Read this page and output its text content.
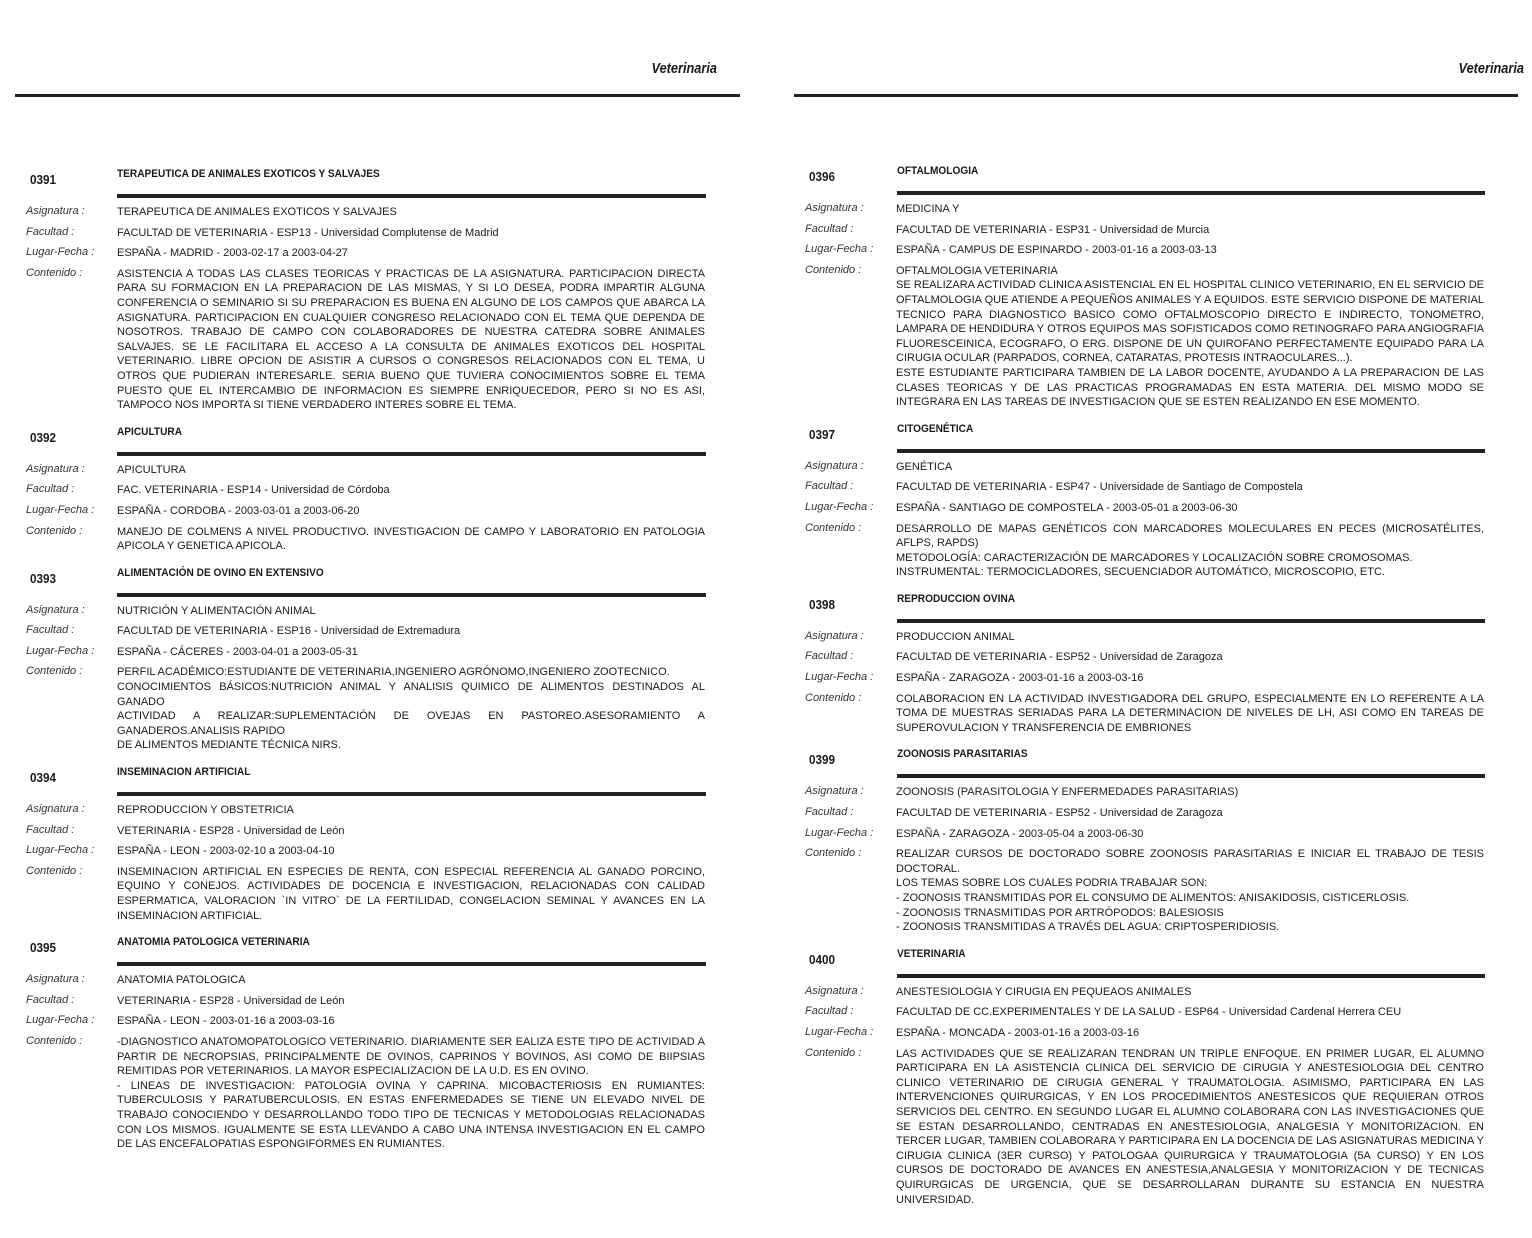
Veterinaria
0391	TERAPEUTICA DE ANIMALES EXOTICOS Y SALVAJES
Asignatura :	TERAPEUTICA DE ANIMALES EXOTICOS Y SALVAJES
Facultad :	FACULTAD DE VETERINARIA - ESP13 - Universidad Complutense de Madrid
Lugar-Fecha :	ESPAÑA - MADRID - 2003-02-17 a 2003-04-27
Contenido :	ASISTENCIA A TODAS LAS CLASES TEORICAS Y PRACTICAS DE LA ASIGNATURA. PARTICIPACION DIRECTA PARA SU FORMACION EN LA PREPARACION DE LAS MISMAS, Y SI LO DESEA, PODRA IMPARTIR ALGUNA CONFERENCIA O SEMINARIO SI SU PREPARACION ES BUENA EN ALGUNO DE LOS CAMPOS QUE ABARCA LA ASIGNATURA. PARTICIPACION EN CUALQUIER CONGRESO RELACIONADO CON EL TEMA QUE DEPENDA DE NOSOTROS. TRABAJO DE CAMPO CON COLABORADORES DE NUESTRA CATEDRA SOBRE ANIMALES SALVAJES. SE LE FACILITARA EL ACCESO A LA CONSULTA DE ANIMALES EXOTICOS DEL HOSPITAL VETERINARIO. LIBRE OPCION DE ASISTIR A CURSOS O CONGRESOS RELACIONADOS CON EL TEMA, U OTROS QUE PUDIERAN INTERESARLE. SERIA BUENO QUE TUVIERA CONOCIMIENTOS SOBRE EL TEMA PUESTO QUE EL INTERCAMBIO DE INFORMACION ES SIEMPRE ENRIQUECEDOR, PERO SI NO ES ASI, TAMPOCO NOS IMPORTA SI TIENE VERDADERO INTERES SOBRE EL TEMA.
0392	APICULTURA
Asignatura :	APICULTURA
Facultad :	FAC. VETERINARIA - ESP14 - Universidad de Córdoba
Lugar-Fecha :	ESPAÑA - CORDOBA - 2003-03-01 a 2003-06-20
Contenido :	MANEJO DE COLMENS A NIVEL PRODUCTIVO. INVESTIGACION DE CAMPO Y LABORATORIO EN PATOLOGIA APICOLA Y GENETICA APICOLA.
0393	ALIMENTACIÓN DE OVINO EN EXTENSIVO
Asignatura :	NUTRICIÓN Y ALIMENTACIÓN ANIMAL
Facultad :	FACULTAD DE VETERINARIA - ESP16 - Universidad de Extremadura
Lugar-Fecha :	ESPAÑA - CÁCERES - 2003-04-01 a 2003-05-31
Contenido :	PERFIL ACADÉMICO:ESTUDIANTE DE VETERINARIA,INGENIERO AGRÓNOMO,INGENIERO ZOOTECNICO.
CONOCIMIENTOS BÁSICOS:NUTRICION ANIMAL Y ANALISIS QUIMICO DE ALIMENTOS DESTINADOS AL GANADO
ACTIVIDAD A REALIZAR:SUPLEMENTACIÓN DE OVEJAS EN PASTOREO.ASESORAMIENTO A GANADEROS.ANALISIS RAPIDO
DE ALIMENTOS MEDIANTE TÉCNICA NIRS.
0394	INSEMINACION ARTIFICIAL
Asignatura :	REPRODUCCION Y OBSTETRICIA
Facultad :	VETERINARIA - ESP28 - Universidad de León
Lugar-Fecha :	ESPAÑA - LEON - 2003-02-10 a 2003-04-10
Contenido :	INSEMINACION ARTIFICIAL EN ESPECIES DE RENTA, CON ESPECIAL REFERENCIA AL GANADO PORCINO, EQUINO Y CONEJOS. ACTIVIDADES DE DOCENCIA E INVESTIGACION, RELACIONADAS CON CALIDAD ESPERMATICA, VALORACION `IN VITRO` DE LA FERTILIDAD, CONGELACION SEMINAL Y AVANCES EN LA INSEMINACION ARTIFICIAL.
0395	ANATOMIA PATOLOGICA VETERINARIA
Asignatura :	ANATOMIA PATOLOGICA
Facultad :	VETERINARIA - ESP28 - Universidad de León
Lugar-Fecha :	ESPAÑA - LEON - 2003-01-16 a 2003-03-16
Contenido :	-DIAGNOSTICO ANATOMOPATOLOGICO VETERINARIO. DIARIAMENTE SER EALIZA ESTE TIPO DE ACTIVIDAD A PARTIR DE NECROPSIAS, PRINCIPALMENTE DE OVINOS, CAPRINOS Y BOVINOS, ASI COMO DE BIIPSIAS REMITIDAS POR VETERINARIOS. LA MAYOR ESPECIALIZACION DE LA U.D. ES EN OVINO.
- LINEAS DE INVESTIGACION: PATOLOGIA OVINA Y CAPRINA. MICOBACTERIOSIS EN RUMIANTES: TUBERCULOSIS Y PARATUBERCULOSIS. EN ESTAS ENFERMEDADES SE TIENE UN ELEVADO NIVEL DE TRABAJO CONOCIENDO Y DESARROLLANDO TODO TIPO DE TECNICAS Y METODOLOGIAS RELACIONADAS CON LOS MISMOS. IGUALMENTE SE ESTA LLEVANDO A CABO UNA INTENSA INVESTIGACION EN EL CAMPO DE LAS ENCEFALOPATIAS ESPONGIFORMES EN RUMIANTES.
Veterinaria
0396	OFTALMOLOGIA
Asignatura :	MEDICINA Y
Facultad :	FACULTAD DE VETERINARIA - ESP31 - Universidad de Murcia
Lugar-Fecha :	ESPAÑA - CAMPUS DE ESPINARDO - 2003-01-16 a 2003-03-13
Contenido :	OFTALMOLOGIA VETERINARIA
SE REALIZARA ACTIVIDAD CLINICA ASISTENCIAL EN EL HOSPITAL CLINICO VETERINARIO, EN EL SERVICIO DE OFTALMOLOGIA QUE ATIENDE A PEQUEÑOS ANIMALES Y A EQUIDOS. ESTE SERVICIO DISPONE DE MATERIAL TECNICO PARA DIAGNOSTICO BASICO COMO OFTALMOSCOPIO DIRECTO E INDIRECTO, TONOMETRO, LAMPARA DE HENDIDURA Y OTROS EQUIPOS MAS SOFISTICADOS COMO RETINOGRAFO PARA ANGIOGRAFIA FLUORESCEINICA, ECOGRAFO, O ERG. DISPONE DE UN QUIROFANO PERFECTAMENTE EQUIPADO PARA LA CIRUGIA OCULAR (PARPADOS, CORNEA, CATARATAS, PROTESIS INTRAOCULARES...).
ESTE ESTUDIANTE PARTICIPARA TAMBIEN DE LA LABOR DOCENTE, AYUDANDO A LA PREPARACION DE LAS CLASES TEORICAS Y DE LAS PRACTICAS PROGRAMADAS EN ESTA MATERIA. DEL MISMO MODO SE INTEGRARA EN LAS TAREAS DE INVESTIGACION QUE SE ESTEN REALIZANDO EN ESE MOMENTO.
0397	CITOGENÉTICA
Asignatura :	GENÉTICA
Facultad :	FACULTAD DE VETERINARIA - ESP47 - Universidade de Santiago de Compostela
Lugar-Fecha :	ESPAÑA - SANTIAGO DE COMPOSTELA - 2003-05-01 a 2003-06-30
Contenido :	DESARROLLO DE MAPAS GENÉTICOS CON MARCADORES MOLECULARES EN PECES (MICROSATÉLITES, AFLPS, RAPDS)
METODOLOGÍA: CARACTERIZACIÓN DE MARCADORES Y LOCALIZACIÓN SOBRE CROMOSOMAS.
INSTRUMENTAL: TERMOCICLADORES, SECUENCIADOR AUTOMÁTICO, MICROSCOPIO, ETC.
0398	REPRODUCCION OVINA
Asignatura :	PRODUCCION ANIMAL
Facultad :	FACULTAD DE VETERINARIA - ESP52 - Universidad de Zaragoza
Lugar-Fecha :	ESPAÑA - ZARAGOZA - 2003-01-16 a 2003-03-16
Contenido :	COLABORACION EN LA ACTIVIDAD INVESTIGADORA DEL GRUPO, ESPECIALMENTE EN LO REFERENTE A LA TOMA DE MUESTRAS SERIADAS PARA LA DETERMINACION DE NIVELES DE LH, ASI COMO EN TAREAS DE SUPEROVULACION Y TRANSFERENCIA DE EMBRIONES
0399	ZOONOSIS PARASITARIAS
Asignatura :	ZOONOSIS (PARASITOLOGIA Y ENFERMEDADES PARASITARIAS)
Facultad :	FACULTAD DE VETERINARIA - ESP52 - Universidad de Zaragoza
Lugar-Fecha :	ESPAÑA - ZARAGOZA - 2003-05-04 a 2003-06-30
Contenido :	REALIZAR CURSOS DE DOCTORADO SOBRE ZOONOSIS PARASITARIAS E INICIAR EL TRABAJO DE TESIS DOCTORAL.
LOS TEMAS SOBRE LOS CUALES PODRIA TRABAJAR SON:
- ZOONOSIS TRANSMITIDAS POR EL CONSUMO DE ALIMENTOS: ANISAKIDOSIS, CISTICERLOSIS.
- ZOONOSIS TRNASMITIDAS POR ARTRÓPODOS: BALESIOSIS
- ZOONOSIS TRANSMITIDAS A TRAVÉS DEL AGUA: CRIPTOSPERIDIOSIS.
0400	VETERINARIA
Asignatura :	ANESTESIOLOGIA Y CIRUGIA EN PEQUEAOS ANIMALES
Facultad :	FACULTAD DE CC.EXPERIMENTALES Y DE LA SALUD - ESP64 - Universidad Cardenal Herrera CEU
Lugar-Fecha :	ESPAÑA - MONCADA - 2003-01-16 a 2003-03-16
Contenido :	LAS ACTIVIDADES QUE SE REALIZARAN TENDRAN UN TRIPLE ENFOQUE. EN PRIMER LUGAR, EL ALUMNO PARTICIPARA EN LA ASISTENCIA CLINICA DEL SERVICIO DE CIRUGIA Y ANESTESIOLOGIA DEL CENTRO CLINICO VETERINARIO DE CIRUGIA GENERAL Y TRAUMATOLOGIA. ASIMISMO, PARTICIPARA EN LAS INTERVENCIONES QUIRURGICAS, Y EN LOS PROCEDIMIENTOS ANESTESICOS QUE REQUIERAN OTROS SERVICIOS DEL CENTRO. EN SEGUNDO LUGAR EL ALUMNO COLABORARA CON LAS INVESTIGACIONES QUE SE ESTAN DESARROLLANDO, CENTRADAS EN ANESTESIOLOGIA, ANALGESIA Y MONITORIZACION. EN TERCER LUGAR, TAMBIEN COLABORARA Y PARTICIPARA EN LA DOCENCIA DE LAS ASIGNATURAS MEDICINA Y CIRUGIA CLINICA (3ER CURSO) Y PATOLOGAA QUIRURGICA Y TRAUMATOLOGIA (5A CURSO) Y EN LOS CURSOS DE DOCTORADO DE AVANCES EN ANESTESIA,ANALGESIA Y MONITORIZACION Y DE TECNICAS QUIRURGICAS DE URGENCIA, QUE SE DESARROLLARAN DURANTE SU ESTANCIA EN NUESTRA UNIVERSIDAD.
